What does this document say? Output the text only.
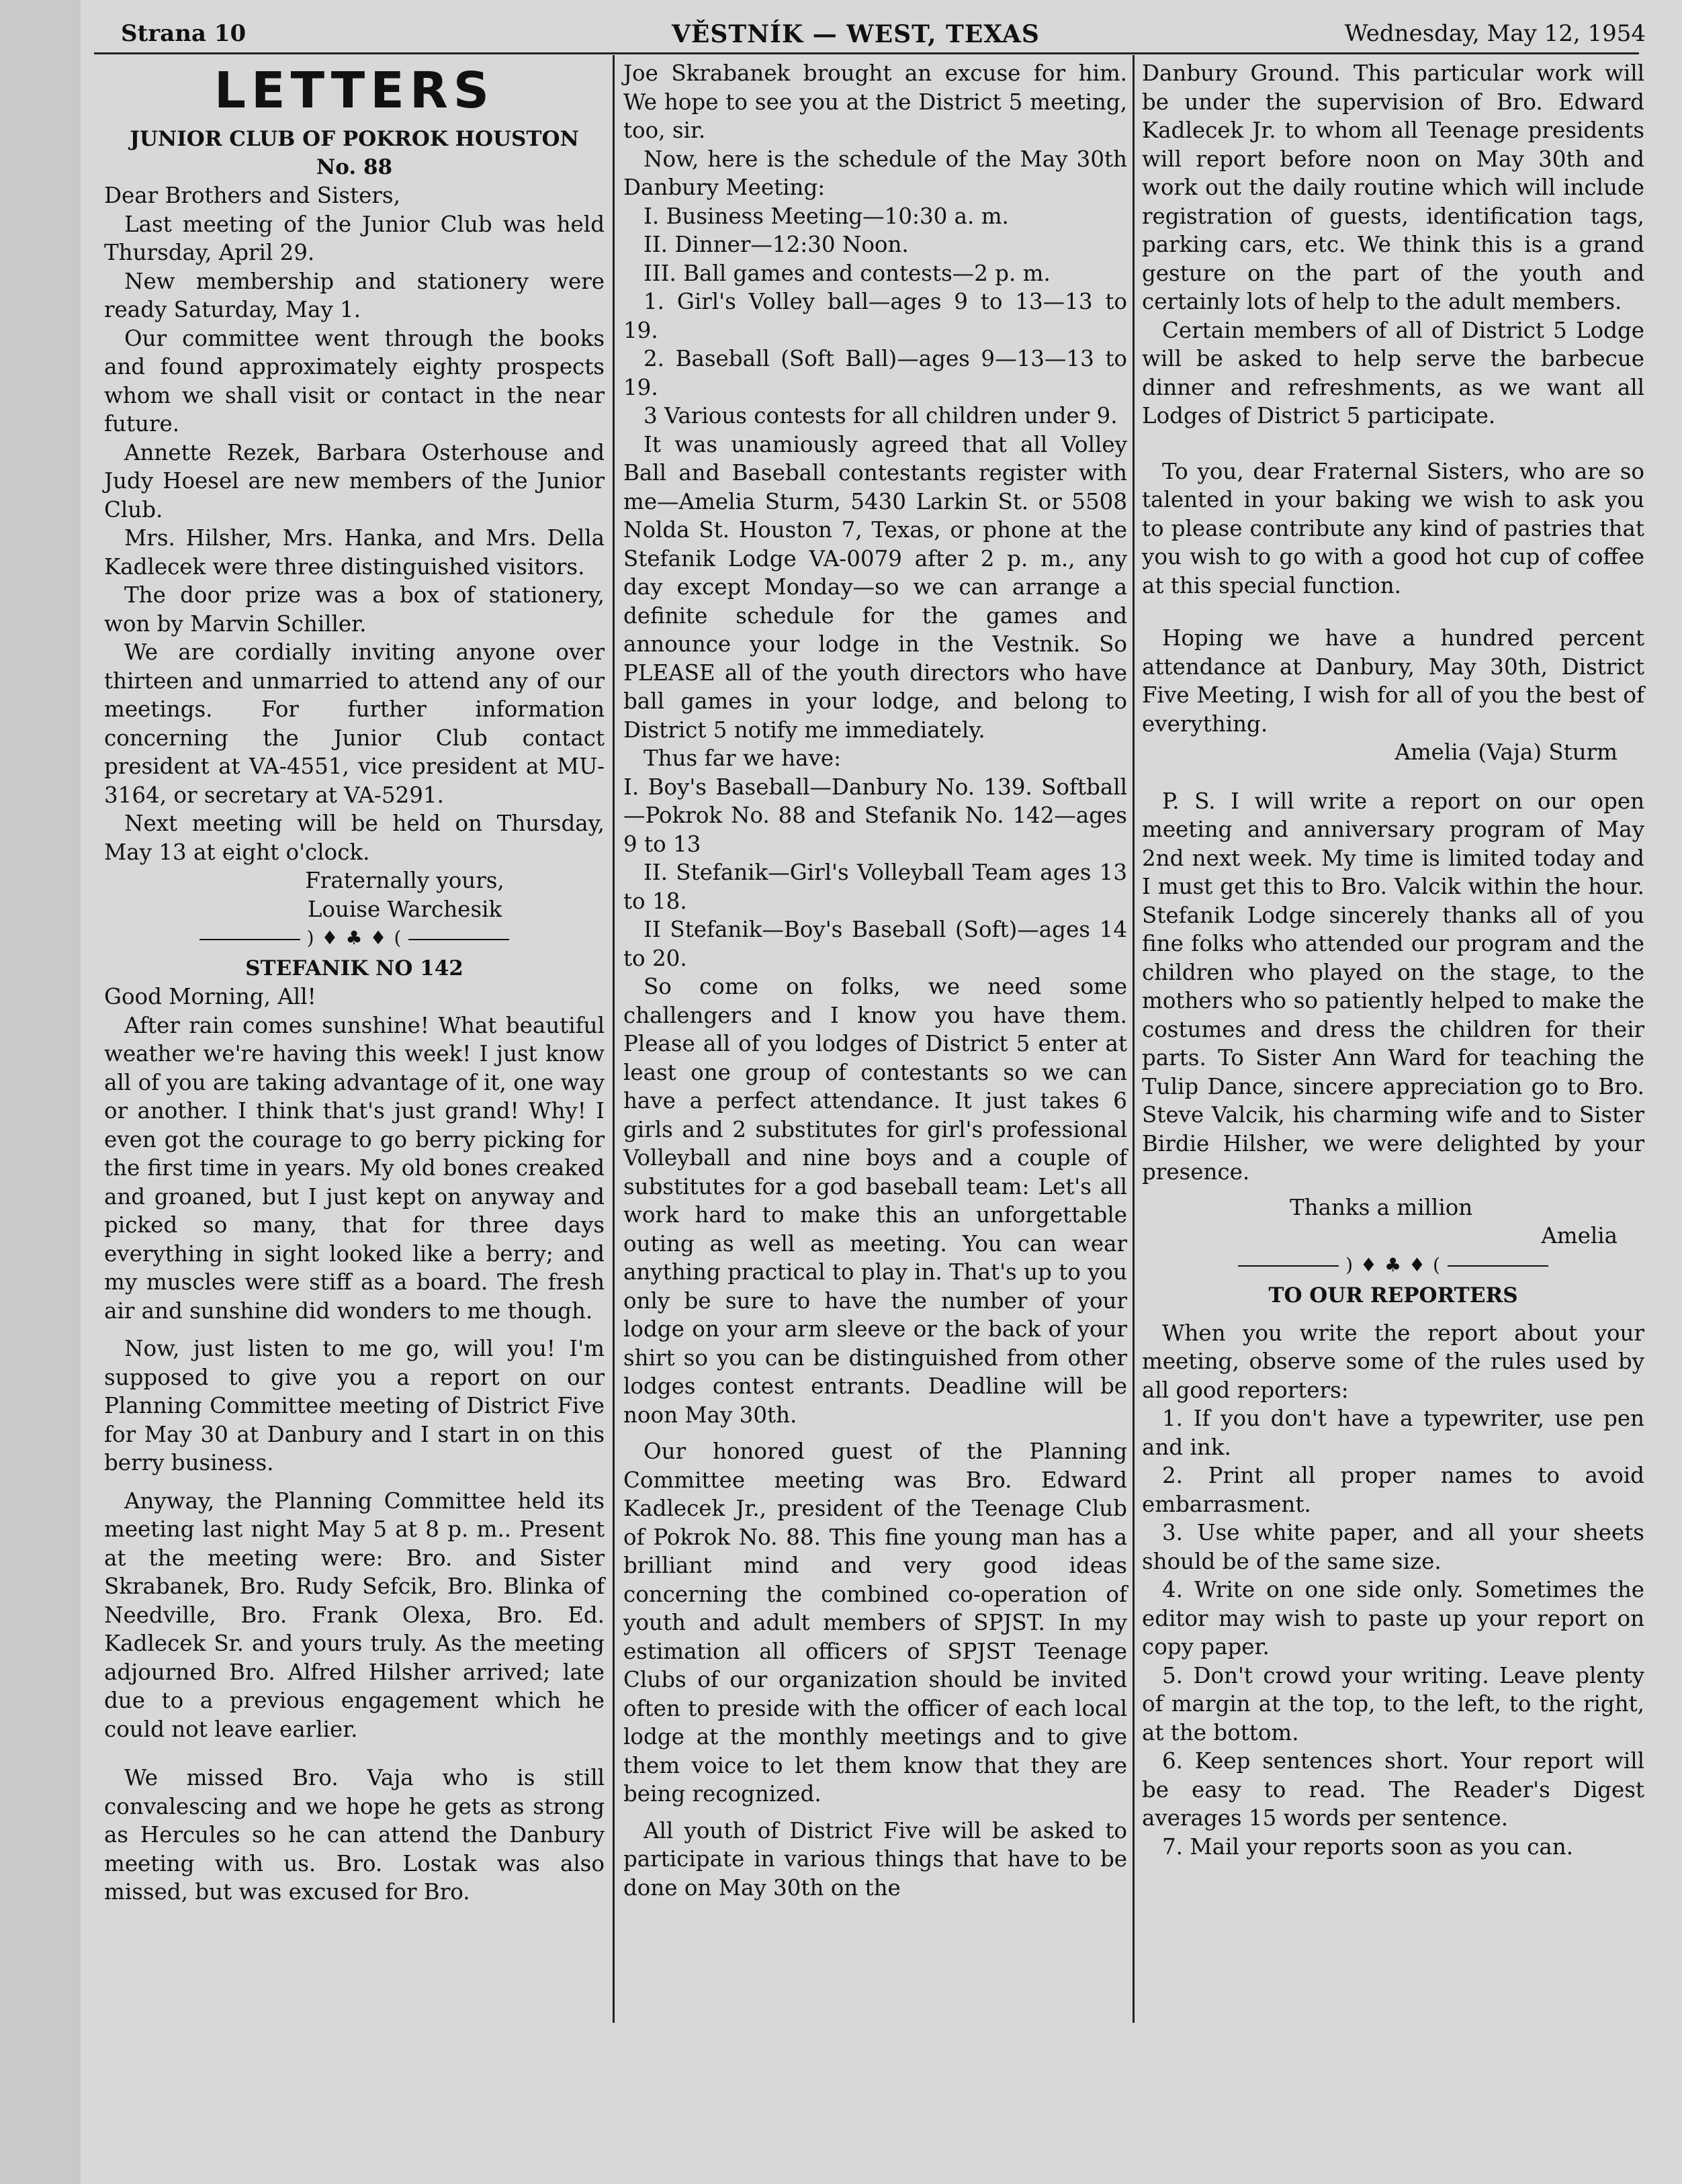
Strana 10	VĚSTNÍK — WEST, TEXAS	Wednesday, May 12, 1954
LETTERS
JUNIOR CLUB OF POKROK HOUSTON
No. 88

Dear Brothers and Sisters,

Last meeting of the Junior Club was held Thursday, April 29.

New membership and stationery were ready Saturday, May 1.

Our committee went through the books and found approximately eighty prospects whom we shall visit or contact in the near future.

Annette Rezek, Barbara Osterhouse and Judy Hoesel are new members of the Junior Club.

Mrs. Hilsher, Mrs. Hanka, and Mrs. Della Kadlecek were three distinguished visitors.

The door prize was a box of stationery, won by Marvin Schiller.

We are cordially inviting anyone over thirteen and unmarried to attend any of our meetings. For further information concerning the Junior Club contact president at VA-4551, vice president at MU-3164, or secretary at VA-5291.

Next meeting will be held on Thursday, May 13 at eight o'clock.

Fraternally yours,
Louise Warchesik
) ♦ ♣ ♦ (
STEFANIK NO 142

Good Morning, All!

After rain comes sunshine! What beautiful weather we're having this week! I just know all of you are taking advantage of it, one way or another. I think that's just grand! Why! I even got the courage to go berry picking for the first time in years. My old bones creaked and groaned, but I just kept on anyway and picked so many, that for three days everything in sight looked like a berry; and my muscles were stiff as a board. The fresh air and sunshine did wonders to me though.

Now, just listen to me go, will you! I'm supposed to give you a report on our Planning Committee meeting of District Five for May 30 at Danbury and I start in on this berry business.

Anyway, the Planning Committee held its meeting last night May 5 at 8 p. m.. Present at the meeting were: Bro. and Sister Skrabanek, Bro. Rudy Sefcik, Bro. Blinka of Needville, Bro. Frank Olexa, Bro. Ed. Kadlecek Sr. and yours truly. As the meeting adjourned Bro. Alfred Hilsher arrived; late due to a previous engagement which he could not leave earlier.

We missed Bro. Vaja who is still convalescing and we hope he gets as strong as Hercules so he can attend the Danbury meeting with us. Bro. Lostak was also missed, but was excused for Bro.

Joe Skrabanek brought an excuse for him. We hope to see you at the District 5 meeting, too, sir.

Now, here is the schedule of the May 30th Danbury Meeting:

I. Business Meeting—10:30 a. m.

II. Dinner—12:30 Noon.

III. Ball games and contests—2 p. m.

1. Girl's Volley ball—ages 9 to 13—13 to 19.

2. Baseball (Soft Ball)—ages 9—13—13 to 19.

3 Various contests for all children under 9.

It was unamiously agreed that all Volley Ball and Baseball contestants register with me—Amelia Sturm, 5430 Larkin St. or 5508 Nolda St. Houston 7, Texas, or phone at the Stefanik Lodge VA-0079 after 2 p. m., any day except Monday—so we can arrange a definite schedule for the games and announce your lodge in the Vestnik. So PLEASE all of the youth directors who have ball games in your lodge, and belong to District 5 notify me immediately.

Thus far we have:

I. Boy's Baseball—Danbury No. 139. Softball—Pokrok No. 88 and Stefanik No. 142—ages 9 to 13

II. Stefanik—Girl's Volleyball Team ages 13 to 18.

II Stefanik—Boy's Baseball (Soft)—ages 14 to 20.

So come on folks, we need some challengers and I know you have them. Please all of you lodges of District 5 enter at least one group of contestants so we can have a perfect attendance. It just takes 6 girls and 2 substitutes for girl's professional Volleyball and nine boys and a couple of substitutes for a god baseball team: Let's all work hard to make this an unforgettable outing as well as meeting. You can wear anything practical to play in. That's up to you only be sure to have the number of your lodge on your arm sleeve or the back of your shirt so you can be distinguished from other lodges contest entrants. Deadline will be noon May 30th.

Our honored guest of the Planning Committee meeting was Bro. Edward Kadlecek Jr., president of the Teenage Club of Pokrok No. 88. This fine young man has a brilliant mind and very good ideas concerning the combined co-operation of youth and adult members of SPJST. In my estimation all officers of SPJST Teenage Clubs of our organization should be invited often to preside with the officer of each local lodge at the monthly meetings and to give them voice to let them know that they are being recognized.

All youth of District Five will be asked to participate in various things that have to be done on May 30th on the

Danbury Ground. This particular work will be under the supervision of Bro. Edward Kadlecek Jr. to whom all Teenage presidents will report before noon on May 30th and work out the daily routine which will include registration of guests, identification tags, parking cars, etc. We think this is a grand gesture on the part of the youth and certainly lots of help to the adult members.

Certain members of all of District 5 Lodge will be asked to help serve the barbecue dinner and refreshments, as we want all Lodges of District 5 participate.

To you, dear Fraternal Sisters, who are so talented in your baking we wish to ask you to please contribute any kind of pastries that you wish to go with a good hot cup of coffee at this special function.

Hoping we have a hundred percent attendance at Danbury, May 30th, District Five Meeting, I wish for all of you the best of everything.

Amelia (Vaja) Sturm

P. S. I will write a report on our open meeting and anniversary program of May 2nd next week. My time is limited today and I must get this to Bro. Valcik within the hour. Stefanik Lodge sincerely thanks all of you fine folks who attended our program and the children who played on the stage, to the mothers who so patiently helped to make the costumes and dress the children for their parts. To Sister Ann Ward for teaching the Tulip Dance, sincere appreciation go to Bro. Steve Valcik, his charming wife and to Sister Birdie Hilsher, we were delighted by your presence.

Thanks a million
Amelia
) ♦ ♣ ♦ (
TO OUR REPORTERS

When you write the report about your meeting, observe some of the rules used by all good reporters:

1. If you don't have a typewriter, use pen and ink.

2. Print all proper names to avoid embarrasment.

3. Use white paper, and all your sheets should be of the same size.

4. Write on one side only. Sometimes the editor may wish to paste up your report on copy paper.

5. Don't crowd your writing. Leave plenty of margin at the top, to the left, to the right, at the bottom.

6. Keep sentences short. Your report will be easy to read. The Reader's Digest averages 15 words per sentence.

7. Mail your reports soon as you can.
